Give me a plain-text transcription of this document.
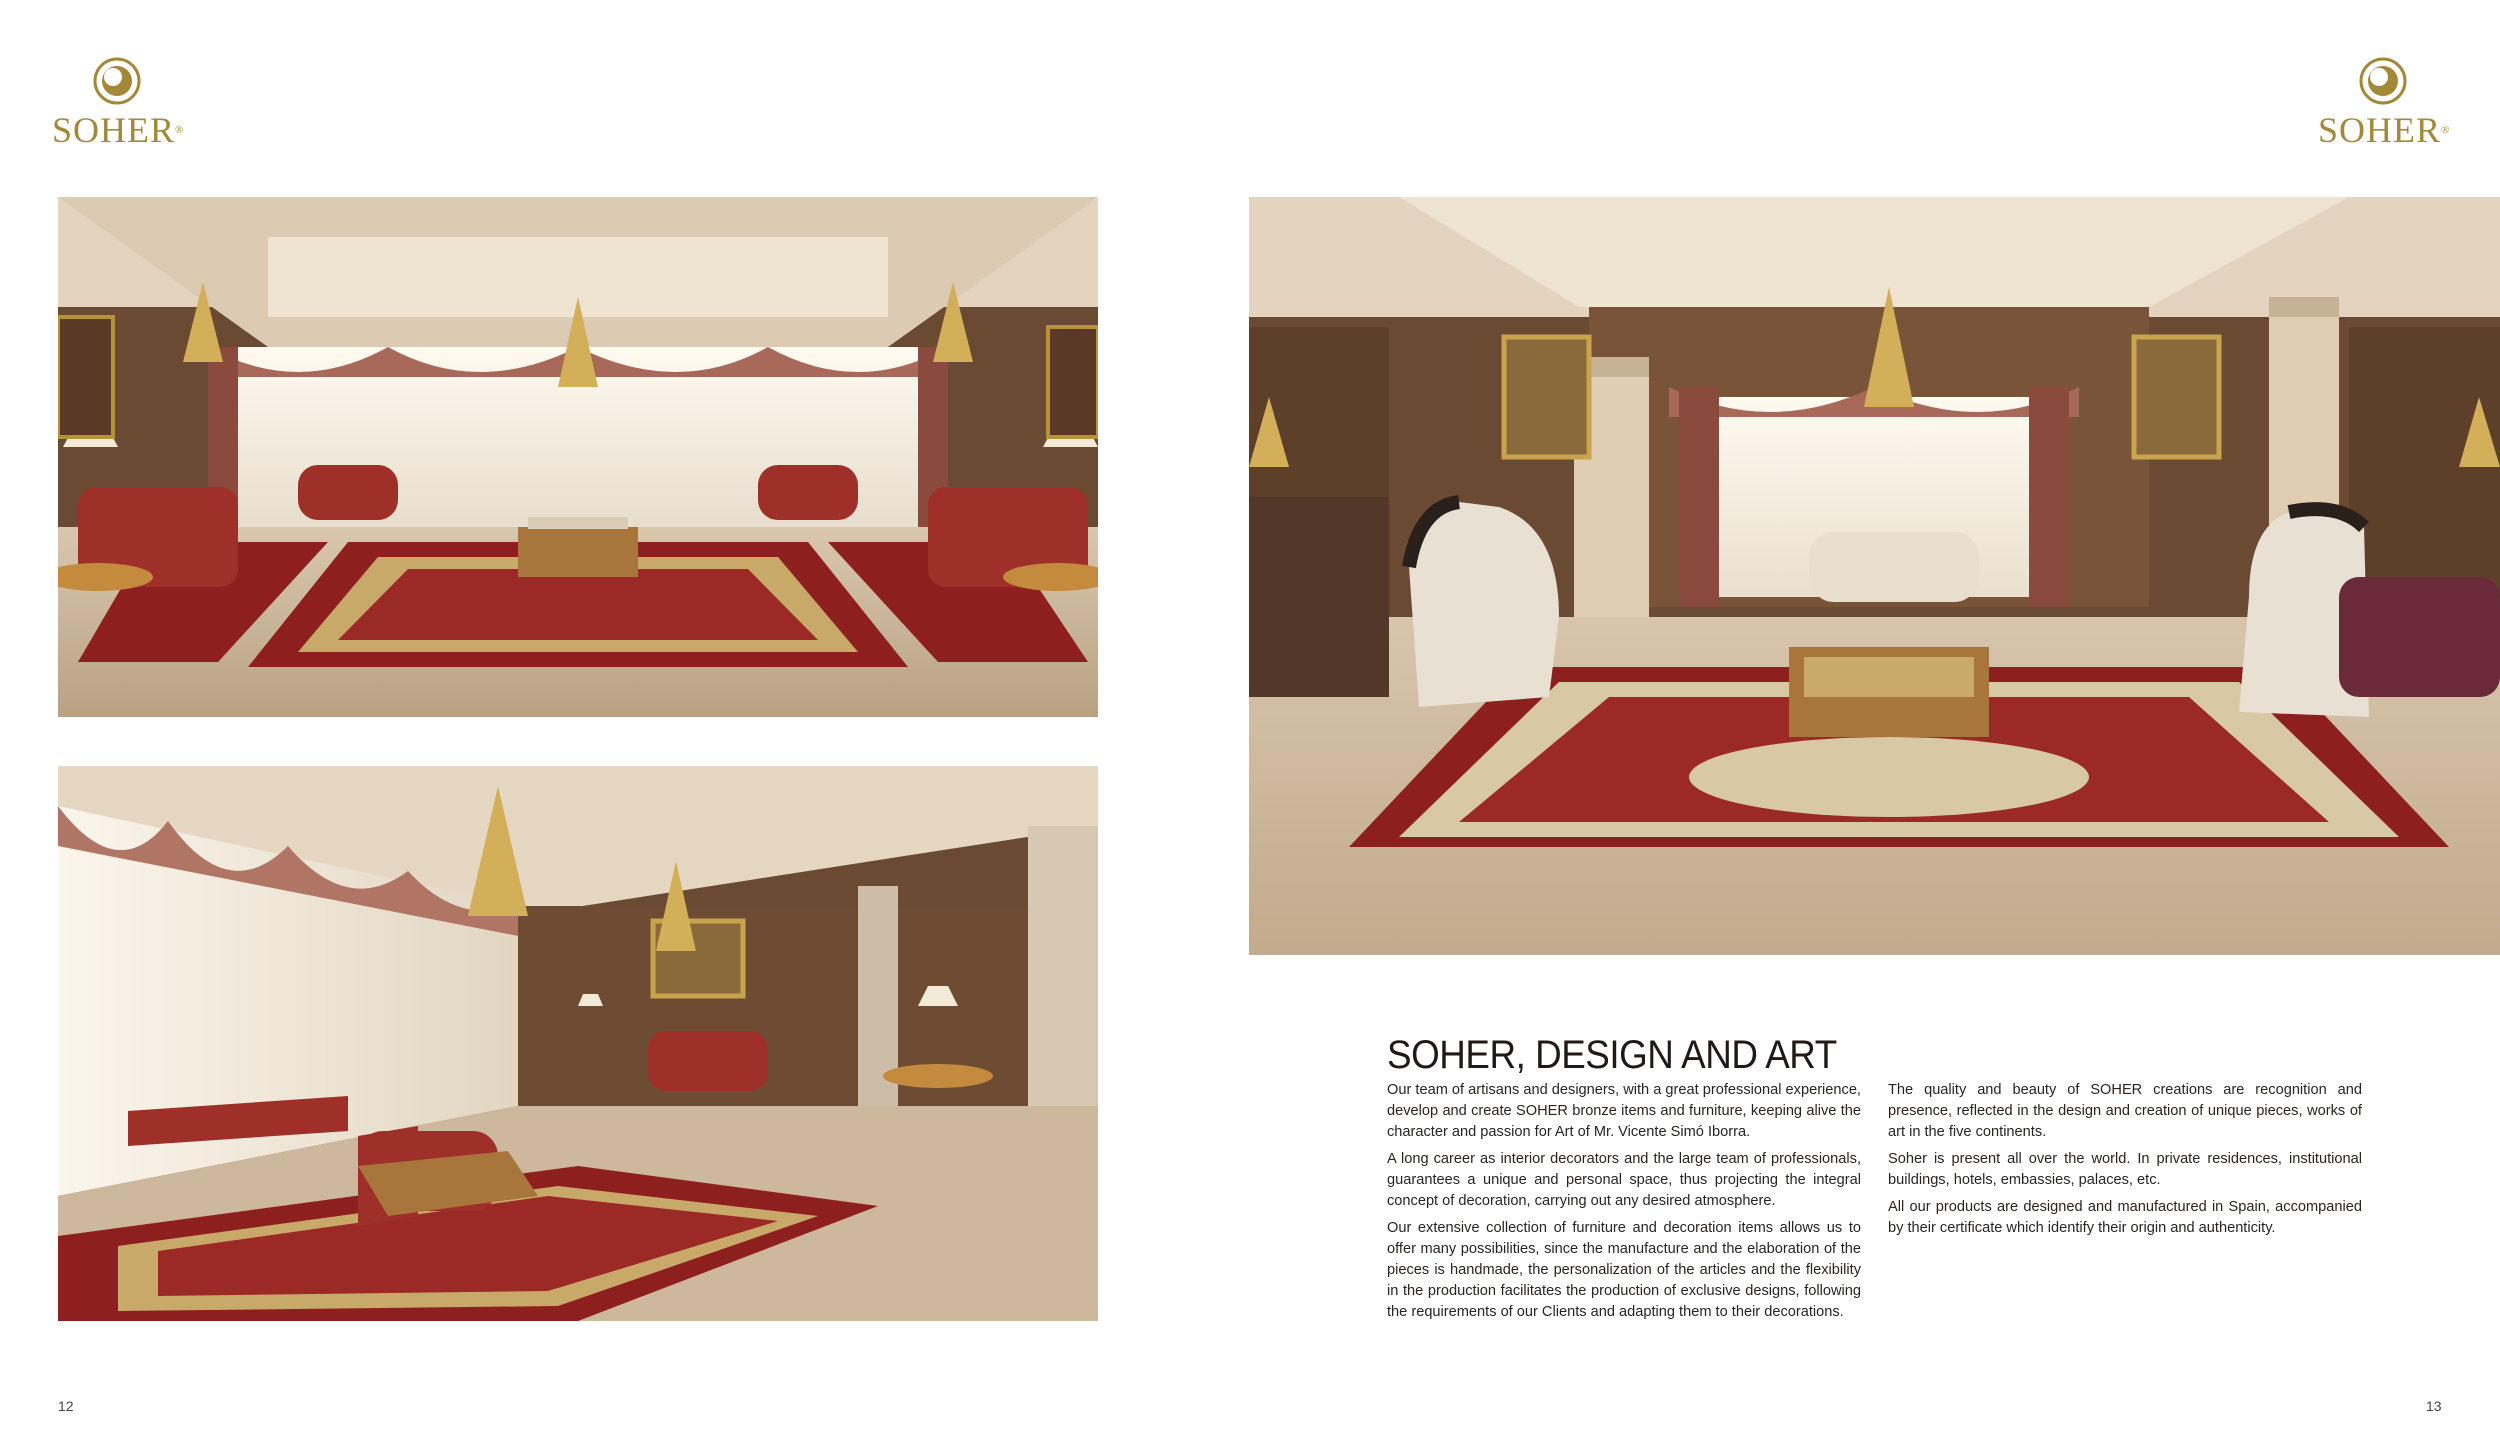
SOHER®	SOHER®
SOHER, DESIGN AND ART

Our team of artisans and designers, with a great professional experience, develop and create SOHER bronze items and furniture, keeping alive the character and passion for Art of Mr. Vicente Simó Iborra.

A long career as interior decorators and the large team of professionals, guarantees a unique and personal space, thus projecting the integral concept of decoration, carrying out any desired atmosphere.

Our extensive collection of furniture and decoration items allows us to offer many possibilities, since the manufacture and the elaboration of the pieces is handmade, the personalization of the articles and the flexibility in the production facilitates the production of exclusive designs, following the requirements of our Clients and adapting them to their decorations.

The quality and beauty of SOHER creations are recognition and presence, reflected in the design and creation of unique pieces, works of art in the five continents.

Soher is present all over the world. In private residences, institutional buildings, hotels, embassies, palaces, etc.

All our products are designed and manufactured in Spain, accompanied by their certificate which identify their origin and authenticity.

12	13
